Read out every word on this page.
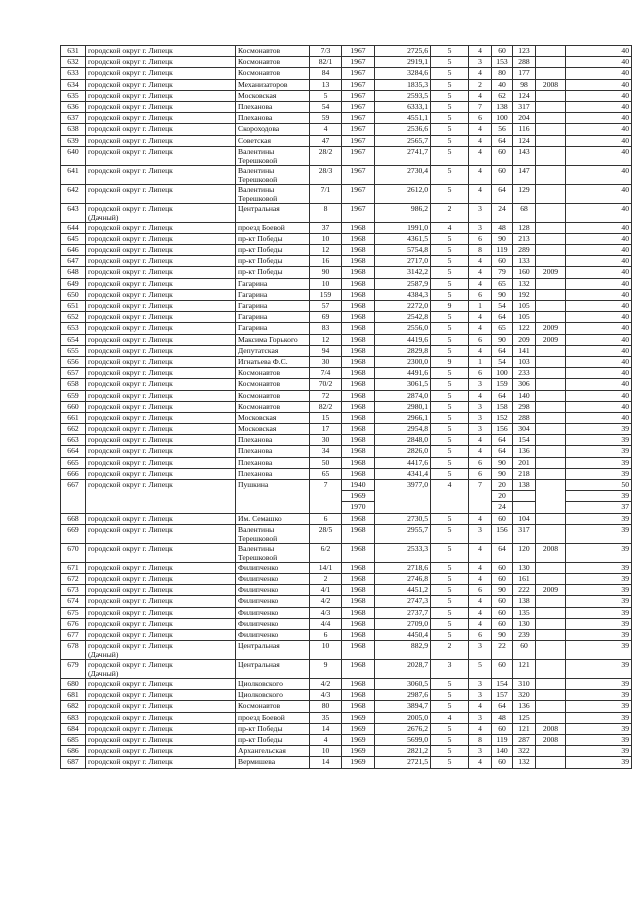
631	городской округ г. Липецк	Космонавтов	7/3	1967	2725,6	5	4	60	123		40
632	городской округ г. Липецк	Космонавтов	82/1	1967	2919,1	5	3	153	288		40
633	городской округ г. Липецк	Космонавтов	84	1967	3284,6	5	4	80	177		40
634	городской округ г. Липецк	Механизаторов	13	1967	1835,3	5	2	40	98	2008	40
635	городской округ г. Липецк	Московская	5	1967	2593,5	5	4	62	124		40
636	городской округ г. Липецк	Плеханова	54	1967	6333,1	5	7	138	317		40
637	городской округ г. Липецк	Плеханова	59	1967	4551,1	5	6	100	204		40
638	городской округ г. Липецк	Скороходова	4	1967	2536,6	5	4	56	116		40
639	городской округ г. Липецк	Советская	47	1967	2565,7	5	4	64	124		40
640	городской округ г. Липецк	Валентины
Терешковой	28/2	1967	2741,7	5	4	60	143		40
641	городской округ г. Липецк	Валентины
Терешковой	28/3	1967	2730,4	5	4	60	147		40
642	городской округ г. Липецк	Валентины
Терешковой	7/1	1967	2612,0	5	4	64	129		40
643	городской округ г. Липецк
(Дачный)	Центральная	8	1967	986,2	2	3	24	68		40
644	городской округ г. Липецк	проезд Боевой	37	1968	1991,0	4	3	48	128		40
645	городской округ г. Липецк	пр-кт Победы	10	1968	4361,5	5	6	90	213		40
646	городской округ г. Липецк	пр-кт Победы	12	1968	5754,8	5	8	119	289		40
647	городской округ г. Липецк	пр-кт Победы	16	1968	2717,0	5	4	60	133		40
648	городской округ г. Липецк	пр-кт Победы	90	1968	3142,2	5	4	79	160	2009	40
649	городской округ г. Липецк	Гагарина	10	1968	2587,9	5	4	65	132		40
650	городской округ г. Липецк	Гагарина	159	1968	4384,3	5	6	90	192		40
651	городской округ г. Липецк	Гагарина	57	1968	2272,0	9	1	54	105		40
652	городской округ г. Липецк	Гагарина	69	1968	2542,8	5	4	64	105		40
653	городской округ г. Липецк	Гагарина	83	1968	2556,0	5	4	65	122	2009	40
654	городской округ г. Липецк	Максима Горького	12	1968	4419,6	5	6	90	209	2009	40
655	городской округ г. Липецк	Депутатская	94	1968	2829,8	5	4	64	141		40
656	городской округ г. Липецк	Игнатьева Ф.С.	30	1968	2300,0	9	1	54	103		40
657	городской округ г. Липецк	Космонавтов	7/4	1968	4491,6	5	6	100	233		40
658	городской округ г. Липецк	Космонавтов	70/2	1968	3061,5	5	3	159	306		40
659	городской округ г. Липецк	Космонавтов	72	1968	2874,0	5	4	64	140		40
660	городской округ г. Липецк	Космонавтов	82/2	1968	2980,1	5	3	158	298		40
661	городской округ г. Липецк	Московская	15	1968	2966,1	5	3	152	288		40
662	городской округ г. Липецк	Московская	17	1968	2954,8	5	3	156	304		39
663	городской округ г. Липецк	Плеханова	30	1968	2848,0	5	4	64	154		39
664	городской округ г. Липецк	Плеханова	34	1968	2826,0	5	4	64	136		39
665	городской округ г. Липецк	Плеханова	50	1968	4417,6	5	6	90	201		39
666	городской округ г. Липецк	Плеханова	65	1968	4341,4	5	6	90	218		39
667	городской округ г. Липецк	Пушкина	7	1940	3977,0	4	7	20	138		50
				1969				20			39
				1970				24			37
668	городской округ г. Липецк	Им. Семашко	6	1968	2730,5	5	4	60	104		39
669	городской округ г. Липецк	Валентины
Терешковой	28/5	1968	2955,7	5	3	156	317		39
670	городской округ г. Липецк	Валентины
Терешковой	6/2	1968	2533,3	5	4	64	120	2008	39
671	городской округ г. Липецк	Филипченко	14/1	1968	2718,6	5	4	60	130		39
672	городской округ г. Липецк	Филипченко	2	1968	2746,8	5	4	60	161		39
673	городской округ г. Липецк	Филипченко	4/1	1968	4451,2	5	6	90	222	2009	39
674	городской округ г. Липецк	Филипченко	4/2	1968	2747,3	5	4	60	138		39
675	городской округ г. Липецк	Филипченко	4/3	1968	2737,7	5	4	60	135		39
676	городской округ г. Липецк	Филипченко	4/4	1968	2709,0	5	4	60	130		39
677	городской округ г. Липецк	Филипченко	6	1968	4450,4	5	6	90	239		39
678	городской округ г. Липецк
(Дачный)	Центральная	10	1968	882,9	2	3	22	60		39
679	городской округ г. Липецк
(Дачный)	Центральная	9	1968	2028,7	3	5	60	121		39
680	городской округ г. Липецк	Циолковского	4/2	1968	3060,5	5	3	154	310		39
681	городской округ г. Липецк	Циолковского	4/3	1968	2987,6	5	3	157	320		39
682	городской округ г. Липецк	Космонавтов	80	1968	3894,7	5	4	64	136		39
683	городской округ г. Липецк	проезд Боевой	35	1969	2005,0	4	3	48	125		39
684	городской округ г. Липецк	пр-кт Победы	14	1969	2676,2	5	4	60	121	2008	39
685	городской округ г. Липецк	пр-кт Победы	4	1969	5699,0	5	8	119	287	2008	39
686	городской округ г. Липецк	Архангельская	10	1969	2821,2	5	3	140	322		39
687	городской округ г. Липецк	Вермишева	14	1969	2721,5	5	4	60	132		39
